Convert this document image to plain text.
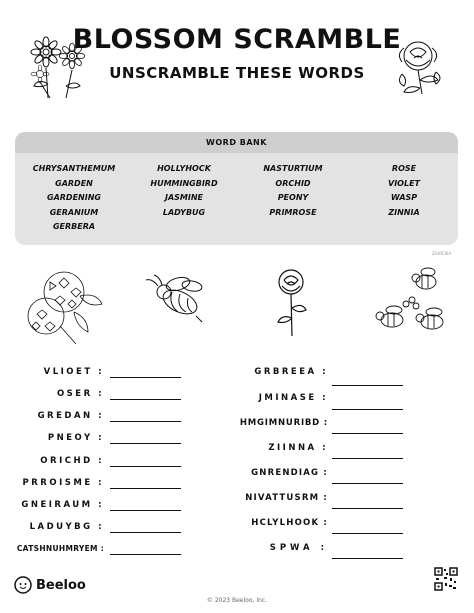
BLOSSOM SCRAMBLE
UNSCRAMBLE THESE WORDS
WORD BANK
CHRYSANTHEMUM
GARDEN
GARDENING
GERANIUM
GERBERA
HOLLYHOCK
HUMMINGBIRD
JASMINE
LADYBUG
NASTURTIUM
ORCHID
PEONY
PRIMROSE
ROSE
VIOLET
WASP
ZINNIA
ZAHR36A
VLIOET :
OSER :
GREDAN :
PNEOY :
ORICHD :
PRROISME :
GNEIRAUM :
LADUYBG :
CATSHNUHMRYEM :
GRBREEA :
JMINASE :
HMGIMNURIBD :
ZIINNA :
GNRENDIAG :
NIVATTUSRM :
HCLYLHOOK :
SPWA :
Beeloo
© 2023 Beeloo, Inc.
